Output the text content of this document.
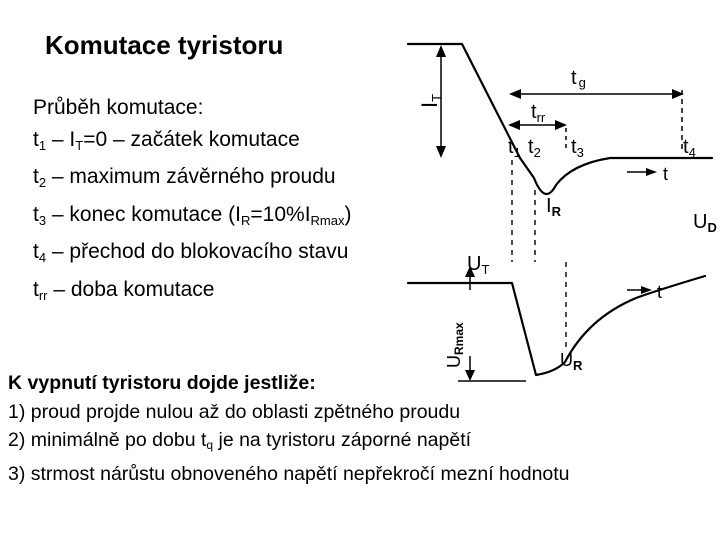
Komutace tyristoru
Průběh komutace:
$t_1 - I_T=0$ – začátek komutace
$t_2$ – maximum závěrného proudu
$t_3$ – konec komutace $(I_R=10\%I_{Rmax})$
$t_4$ – přechod do blokovacího stavu
$t_{rr}$ – doba komutace
IT
tg
$t_{rr}$
$t_1$ $t_2$ $t_3$	$t_4$
t
$I_R$	$U_D$
$U_T$
t
URmax
$U_R$
K vypnutí tyristoru dojde jestliže:
1) proud projde nulou až do oblasti zpětného proudu
2) minimálně po dobu $t_q$ je na tyristoru záporné napětí
3) strmost nárůstu obnoveného napětí nepřekročí mezní hodnotu
